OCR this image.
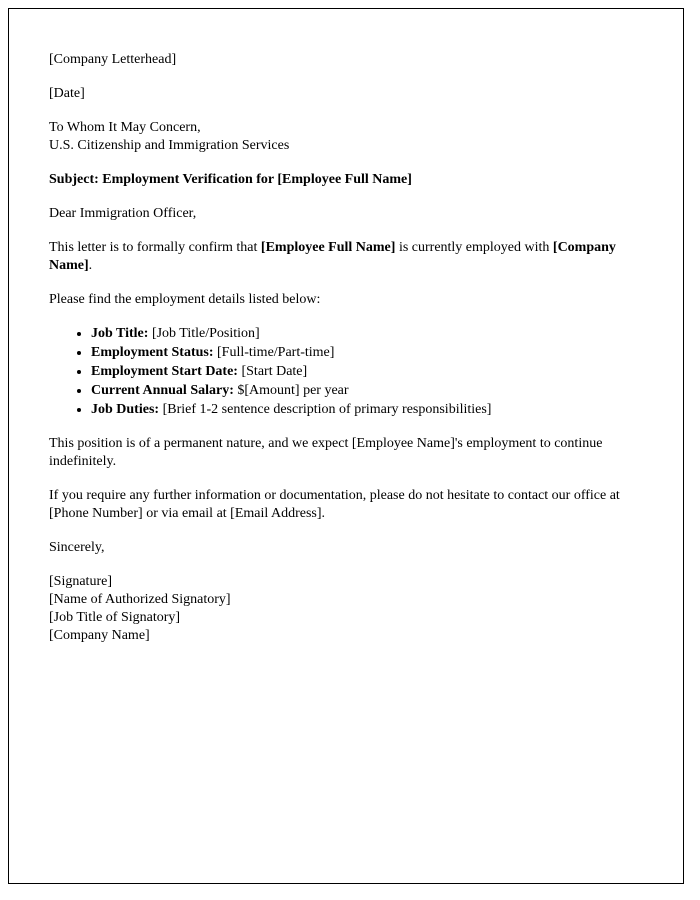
[Company Letterhead]

[Date]

To Whom It May Concern,

U.S. Citizenship and Immigration Services

Subject: Employment Verification for [Employee Full Name]

Dear Immigration Officer,

This letter is to formally confirm that [Employee Full Name] is currently employed with [Company Name].

Please find the employment details listed below:

• Job Title: [Job Title/Position]
• Employment Status: [Full-time/Part-time]
• Employment Start Date: [Start Date]
• Current Annual Salary: $[Amount] per year
• Job Duties: [Brief 1-2 sentence description of primary responsibilities]

This position is of a permanent nature, and we expect [Employee Name]'s employment to continue indefinitely.

If you require any further information or documentation, please do not hesitate to contact our office at [Phone Number] or via email at [Email Address].

Sincerely,

[Signature]

[Name of Authorized Signatory]

[Job Title of Signatory]

[Company Name]
